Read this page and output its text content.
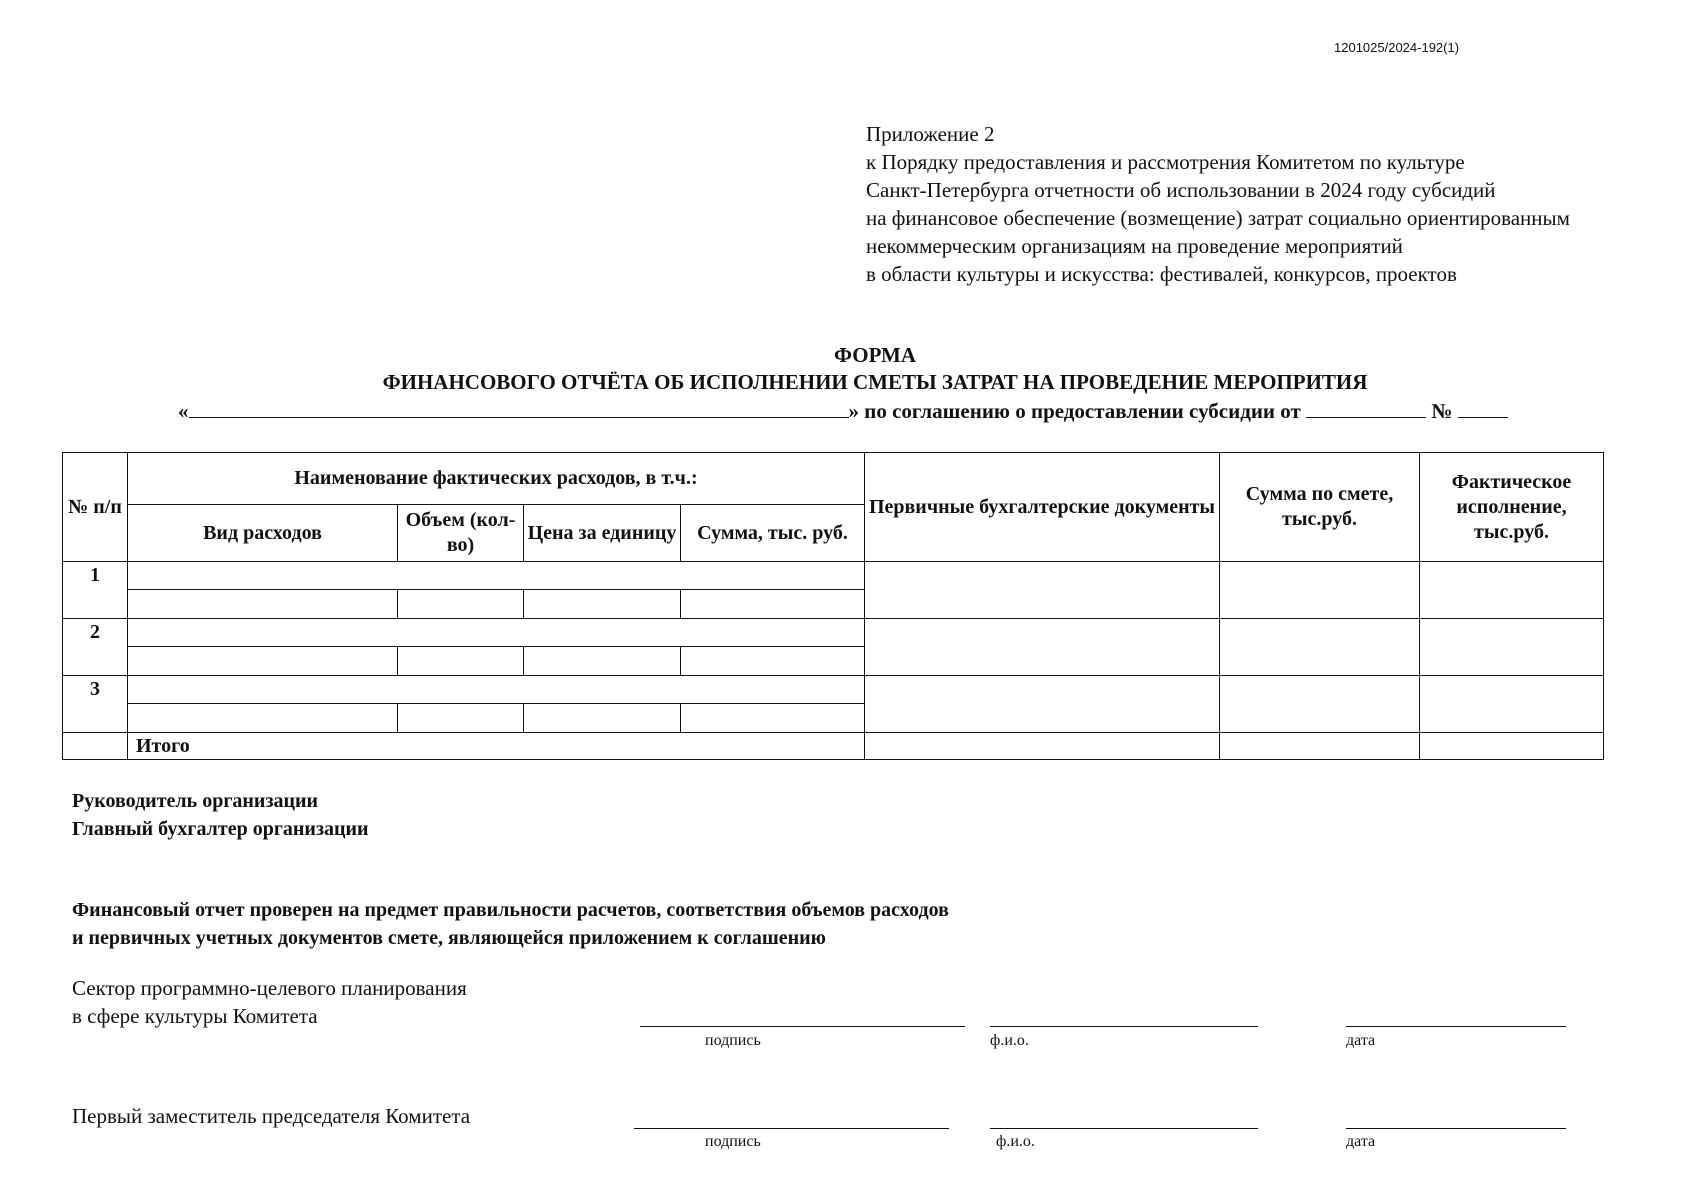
1201025/2024-192(1)
Приложение 2
к Порядку предоставления и рассмотрения Комитетом по культуре
Санкт-Петербурга отчетности об использовании в 2024 году субсидий
на финансовое обеспечение (возмещение) затрат социально ориентированным
некоммерческим организациям на проведение мероприятий
в области культуры и искусства: фестивалей, конкурсов, проектов
ФОРМА
ФИНАНСОВОГО ОТЧЁТА ОБ ИСПОЛНЕНИИ СМЕТЫ ЗАТРАТ НА ПРОВЕДЕНИЕ МЕРОПРИТИЯ
«	» по соглашению о предоставлении субсидии от	№
№ п/п	Наименование фактических расходов, в т.ч.:				Первичные бухгалтерские документы	Сумма по смете, тыс.руб.	Фактическое исполнение, тыс.руб.
	Вид расходов	Объем (кол-во)	Цена за единицу	Сумма, тыс. руб.			
1							

2							

3							

	Итого						
Руководитель организации
Главный бухгалтер организации
Финансовый отчет проверен на предмет правильности расчетов, соответствия объемов расходов
и первичных учетных документов смете, являющейся приложением к соглашению
Сектор программно-целевого планирования
в сфере культуры Комитета
подпись	ф.и.о.	дата
Первый заместитель председателя Комитета
подпись	ф.и.о.	дата
